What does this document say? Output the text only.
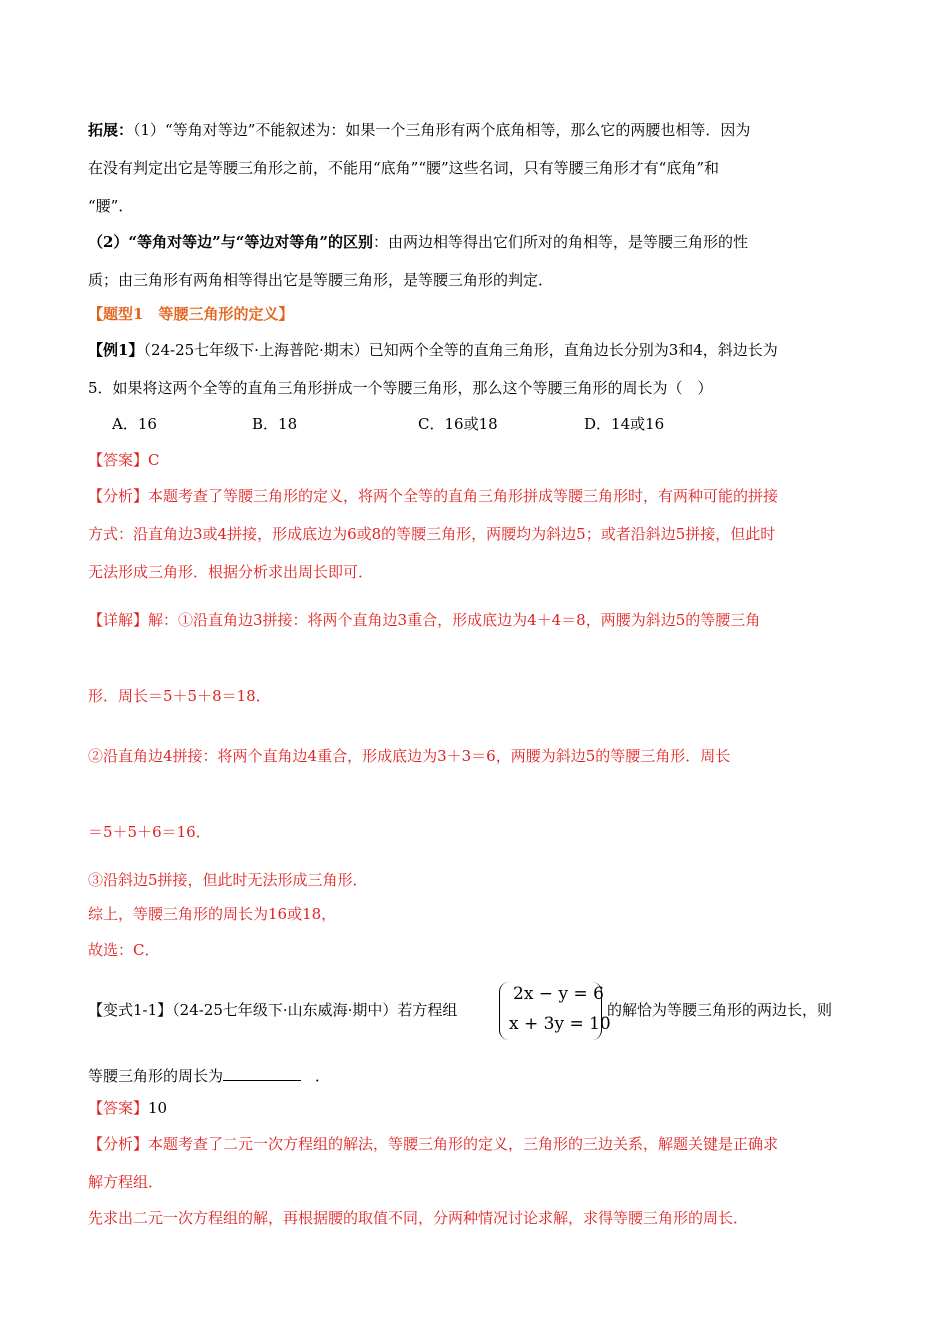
拓展：（1）“等角对等边”不能叙述为：如果一个三角形有两个底角相等，那么它的两腰也相等．因为
在没有判定出它是等腰三角形之前，不能用“底角”“腰”这些名词，只有等腰三角形才有“底角”和
“腰”．
（2）“等角对等边”与“等边对等角”的区别：由两边相等得出它们所对的角相等，是等腰三角形的性
质；由三角形有两角相等得出它是等腰三角形，是等腰三角形的判定．
【题型1　等腰三角形的定义】
【例1】（24-25七年级下·上海普陀·期末）已知两个全等的直角三角形，直角边长分别为3和4，斜边长为
5．如果将这两个全等的直角三角形拼成一个等腰三角形，那么这个等腰三角形的周长为（　）
A．16	B．18	C．16或18	D．14或16
【答案】C
【分析】本题考查了等腰三角形的定义，将两个全等的直角三角形拼成等腰三角形时，有两种可能的拼接
方式：沿直角边3或4拼接，形成底边为6或8的等腰三角形，两腰均为斜边5；或者沿斜边5拼接，但此时
无法形成三角形．根据分析求出周长即可．
【详解】解：①沿直角边3拼接：将两个直角边3重合，形成底边为4＋4＝8，两腰为斜边5的等腰三角
形．周长＝5＋5＋8＝18．
②沿直角边4拼接：将两个直角边4重合，形成底边为3＋3＝6，两腰为斜边5的等腰三角形．周长
＝5＋5＋6＝16．
③沿斜边5拼接，但此时无法形成三角形．
综上，等腰三角形的周长为16或18，
故选：C．
【变式1-1】（24-25七年级下·山东威海·期中）若方程组
2x − y = 6
x + 3y = 10
的解恰为等腰三角形的两边长，则
等腰三角形的周长为	．
【答案】10
【分析】本题考查了二元一次方程组的解法，等腰三角形的定义，三角形的三边关系，解题关键是正确求
解方程组．
先求出二元一次方程组的解，再根据腰的取值不同，分两种情况讨论求解，求得等腰三角形的周长．
